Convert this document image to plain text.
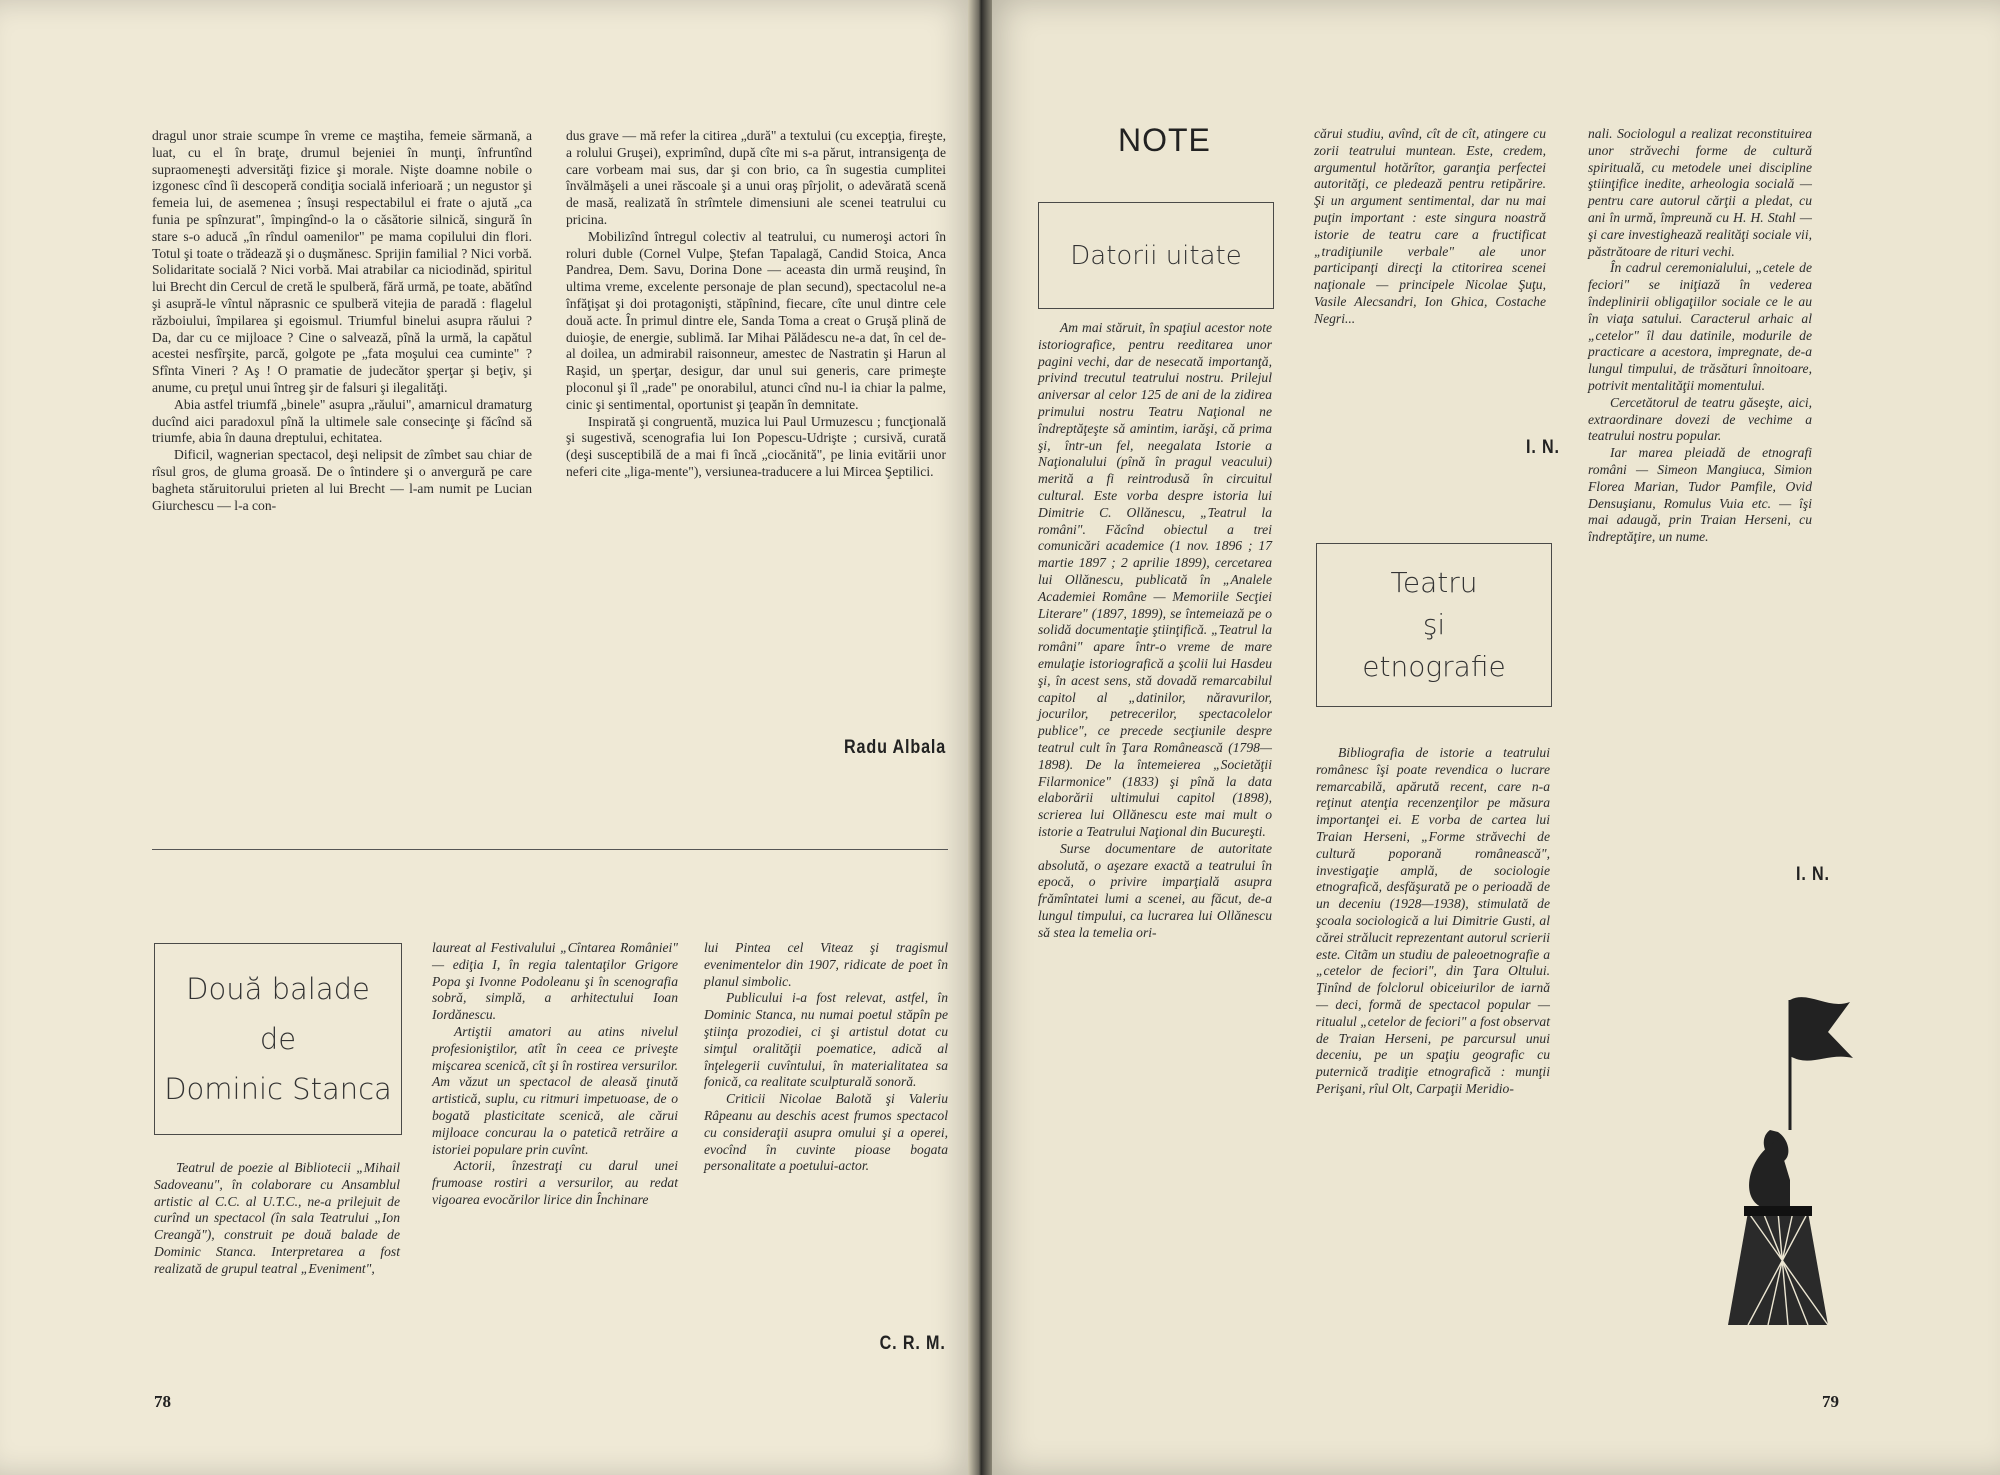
dragul unor straie scumpe în vreme ce maştiha, femeie sărmană, a luat, cu el în braţe, drumul bejeniei în munţi, înfruntînd supraomeneşti adversităţi fizice şi morale. Nişte doamne nobile o izgonesc cînd îi descoperă condiţia socială inferioară ; un negustor şi femeia lui, de asemenea ; însuşi respectabilul ei frate o ajută „ca funia pe spînzurat", împingînd-o la o căsătorie silnică, singură în stare s-o aducă „în rîndul oamenilor" pe mama copilului din flori. Totul şi toate o trădează şi o duşmănesc. Sprijin familial ? Nici vorbă. Solidaritate socială ? Nici vorbă. Mai atrabilar ca niciodinăd, spiritul lui Brecht din Cercul de cretă le spulberă, fără urmă, pe toate, abătînd şi asupră-le vîntul năprasnic ce spulberă vitejia de paradă : flagelul războiului, împilarea şi egoismul. Triumful binelui asupra răului ? Da, dar cu ce mijloace ? Cine o salvează, pînă la urmă, la capătul acestei nesfîrşite, parcă, golgote pe „fata moşului cea cuminte" ? Sfînta Vineri ? Aş ! O pramatie de judecător şperţar şi beţiv, şi anume, cu preţul unui întreg şir de falsuri şi ilegalităţi.

Abia astfel triumfă „binele" asupra „răului", amarnicul dramaturg ducînd aici paradoxul pînă la ultimele sale consecinţe şi făcînd să triumfe, abia în dauna dreptului, echitatea.

Dificil, wagnerian spectacol, deşi nelipsit de zîmbet sau chiar de rîsul gros, de gluma groasă. De o întindere şi o anvergură pe care bagheta stăruitorului prieten al lui Brecht — l-am numit pe Lucian Giurchescu — l-a con-

dus grave — mă refer la citirea „dură" a textului (cu excepţia, fireşte, a rolului Gruşei), exprimînd, după cîte mi s-a părut, intransigenţa de care vorbeam mai sus, dar şi con brio, ca în sugestia cumplitei învălmăşeli a unei răscoale şi a unui oraş pîrjolit, o adevărată scenă de masă, realizată în strîmtele dimensiuni ale scenei teatrului cu pricina.

Mobilizînd întregul colectiv al teatrului, cu numeroşi actori în roluri duble (Cornel Vulpe, Ştefan Tapalagă, Candid Stoica, Anca Pandrea, Dem. Savu, Dorina Done — aceasta din urmă reuşind, în ultima vreme, excelente personaje de plan secund), spectacolul ne-a înfăţişat şi doi protagonişti, stăpînind, fiecare, cîte unul dintre cele două acte. În primul dintre ele, Sanda Toma a creat o Gruşă plină de duioşie, de energie, sublimă. Iar Mihai Pălădescu ne-a dat, în cel de-al doilea, un admirabil raisonneur, amestec de Nastratin şi Harun al Raşid, un şperţar, desigur, dar unul sui generis, care primeşte ploconul şi îl „rade" pe onorabilul, atunci cînd nu-l ia chiar la palme, cinic şi sentimental, oportunist şi ţeapăn în demnitate.

Inspirată şi congruentă, muzica lui Paul Urmuzescu ; funcţională şi sugestivă, scenografia lui Ion Popescu-Udrişte ; cursivă, curată (deşi susceptibilă de a mai fi încă „ciocănită", pe linia evitării unor neferi cite „liga-mente"), versiunea-traducere a lui Mircea Şeptilici.

Radu Albala
Două balade
de
Dominic Stanca

Teatrul de poezie al Bibliotecii „Mihail Sadoveanu", în colaborare cu Ansamblul artistic al C.C. al U.T.C., ne-a prilejuit de curînd un spectacol (în sala Teatrului „Ion Creangă"), construit pe două balade de Dominic Stanca. Interpretarea a fost realizată de grupul teatral „Eveniment",

laureat al Festivalului „Cîntarea României" — ediţia I, în regia talentaţilor Grigore Popa şi Ivonne Podoleanu şi în scenografia sobră, simplă, a arhitectului Ioan Iordănescu.

Artiştii amatori au atins nivelul profesioniştilor, atît în ceea ce priveşte mişcarea scenică, cît şi în rostirea versurilor. Am văzut un spectacol de aleasă ţinută artistică, suplu, cu ritmuri impetuoase, de o bogată plasticitate scenică, ale cărui mijloace concurau la o pateticã retrăire a istoriei populare prin cuvînt.

Actorii, înzestraţi cu darul unei frumoase rostiri a versurilor, au redat vigoarea evocărilor lirice din Închinare

lui Pintea cel Viteaz şi tragismul evenimentelor din 1907, ridicate de poet în planul simbolic.

Publicului i-a fost relevat, astfel, în Dominic Stanca, nu numai poetul stăpîn pe ştiinţa prozodiei, ci şi artistul dotat cu simţul oralităţii poematice, adică al înţelegerii cuvîntului, în materialitatea sa fonică, ca realitate sculpturală sonoră.

Criticii Nicolae Balotă şi Valeriu Râpeanu au deschis acest frumos spectacol cu consideraţii asupra omului şi a operei, evocînd în cuvinte pioase bogata personalitate a poetului-actor.

C. R. M.
78
NOTE
Datorii uitate

Am mai stăruit, în spaţiul acestor note istoriografice, pentru reeditarea unor pagini vechi, dar de nesecată importanţă, privind trecutul teatrului nostru. Prilejul aniversar al celor 125 de ani de la zidirea primului nostru Teatru Naţional ne îndreptăţeşte să amintim, iarăşi, că prima şi, într-un fel, neegalata Istorie a Naţionalului (pînă în pragul veacului) merită a fi reintrodusă în circuitul cultural. Este vorba despre istoria lui Dimitrie C. Ollănescu, „Teatrul la români". Făcînd obiectul a trei comunicări academice (1 nov. 1896 ; 17 martie 1897 ; 2 aprilie 1899), cercetarea lui Ollănescu, publicată în „Analele Academiei Române — Memoriile Secţiei Literare" (1897, 1899), se întemeiază pe o solidă documentaţie ştiinţifică. „Teatrul la români" apare într-o vreme de mare emulaţie istoriografică a şcolii lui Hasdeu şi, în acest sens, stă dovadă remarcabilul capitol al „datinilor, năravurilor, jocurilor, petrecerilor, spectacolelor publice", ce precede secţiunile despre teatrul cult în Ţara Românească (1798—1898). De la întemeierea „Societăţii Filarmonice" (1833) şi pînă la data elaborării ultimului capitol (1898), scrierea lui Ollănescu este mai mult o istorie a Teatrului Naţional din Bucureşti.

Surse documentare de autoritate absolută, o aşezare exactă a teatrului în epocă, o privire imparţială asupra frămîntatei lumi a scenei, au făcut, de-a lungul timpului, ca lucrarea lui Ollănescu să stea la temelia ori-

cărui studiu, avînd, cît de cît, atingere cu zorii teatrului muntean. Este, credem, argumentul hotărîtor, garanţia perfectei autorităţi, ce pledează pentru retipărire. Şi un argument sentimental, dar nu mai puţin important : este singura noastră istorie de teatru care a fructificat „tradiţiunile verbale" ale unor participanţi direcţi la ctitorirea scenei naţionale — principele Nicolae Şuţu, Vasile Alecsandri, Ion Ghica, Costache Negri...

I. N.
Teatru
şi
etnografie

Bibliografia de istorie a teatrului românesc îşi poate revendica o lucrare remarcabilă, apărută recent, care n-a reţinut atenţia recenzenţilor pe măsura importanţei ei. E vorba de cartea lui Traian Herseni, „Forme străvechi de cultură poporană românească", investigaţie amplă, de sociologie etnografică, desfăşurată pe o perioadă de un deceniu (1928—1938), stimulată de şcoala sociologică a lui Dimitrie Gusti, al cărei strălucit reprezentant autorul scrierii este. Citãm un studiu de paleoetnografie a „cetelor de feciori", din Ţara Oltului. Ţinînd de folclorul obiceiurilor de iarnă — deci, formă de spectacol popular — ritualul „cetelor de feciori" a fost observat de Traian Herseni, pe parcursul unui deceniu, pe un spaţiu geografic cu puternică tradiţie etnografică : munţii Perişani, rîul Olt, Carpaţii Meridio-

nali. Sociologul a realizat reconstituirea unor străvechi forme de cultură spirituală, cu metodele unei discipline ştiinţifice inedite, arheologia socială — pentru care autorul cărţii a pledat, cu ani în urmă, împreună cu H. H. Stahl — şi care investighează realităţi sociale vii, păstrătoare de rituri vechi.

În cadrul ceremonialului, „cetele de feciori" se iniţiază în vederea îndeplinirii obligaţiilor sociale ce le au în viaţa satului. Caracterul arhaic al „cetelor" îl dau datinile, modurile de practicare a acestora, impregnate, de-a lungul timpului, de trăsături înnoitoare, potrivit mentalităţii momentului.

Cercetătorul de teatru găseşte, aici, extraordinare dovezi de vechime a teatrului nostru popular.

Iar marea pleiadă de etnografi români — Simeon Mangiuca, Simion Florea Marian, Tudor Pamfile, Ovid Densuşianu, Romulus Vuia etc. — îşi mai adaugă, prin Traian Herseni, cu îndreptăţire, un nume.

I. N.
79
